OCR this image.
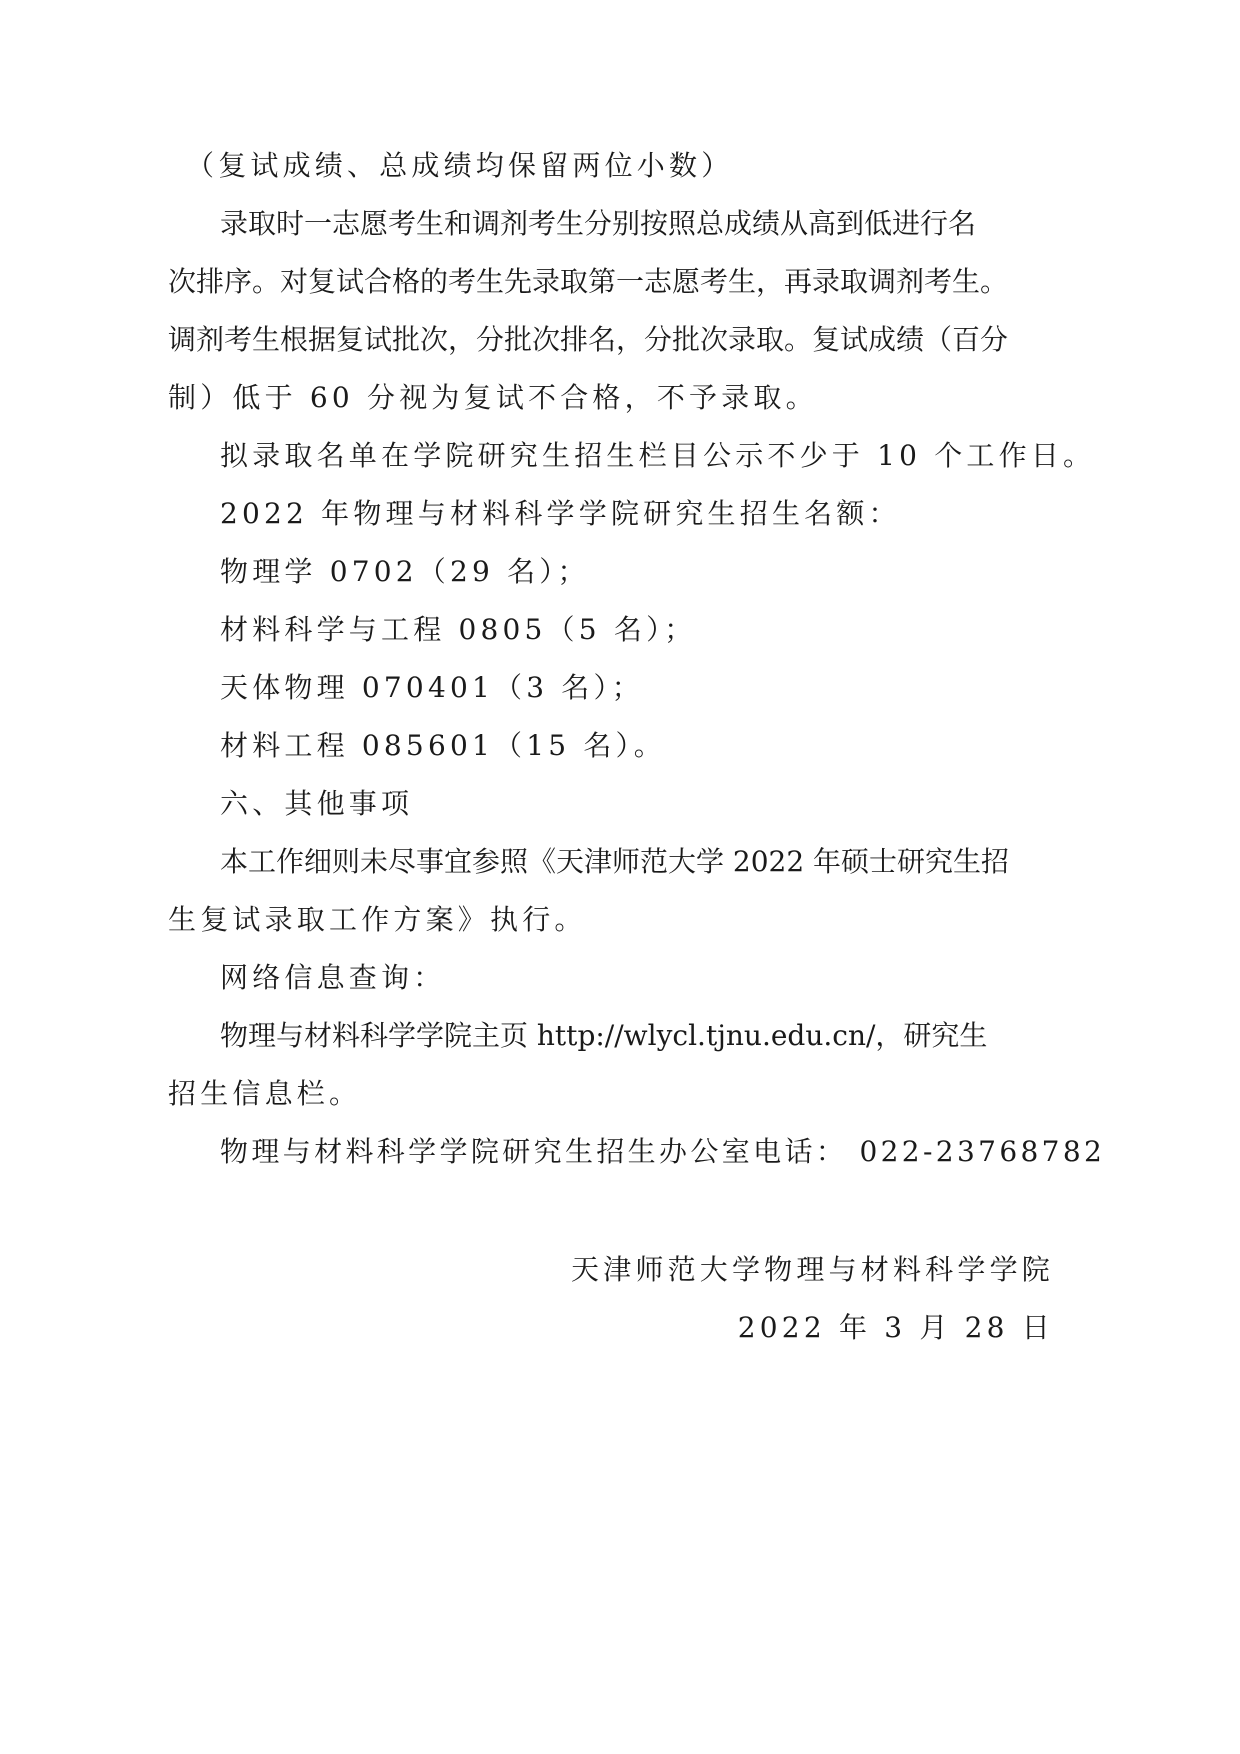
（复试成绩、总成绩均保留两位小数）
录取时一志愿考生和调剂考生分别按照总成绩从高到低进行名
次排序。对复试合格的考生先录取第一志愿考生，再录取调剂考生。
调剂考生根据复试批次，分批次排名，分批次录取。复试成绩（百分
制）低于 60 分视为复试不合格，不予录取。
拟录取名单在学院研究生招生栏目公示不少于 10 个工作日。
2022 年物理与材料科学学院研究生招生名额：
物理学 0702（29 名）；
材料科学与工程 0805（5 名）；
天体物理 070401（3 名）；
材料工程 085601（15 名）。
六、其他事项
本工作细则未尽事宜参照《天津师范大学 2022 年硕士研究生招
生复试录取工作方案》执行。
网络信息查询：
物理与材料科学学院主页 http://wlycl.tjnu.edu.cn/，研究生
招生信息栏。
物理与材料科学学院研究生招生办公室电话： 022-23768782
天津师范大学物理与材料科学学院
2022 年 3 月 28 日
